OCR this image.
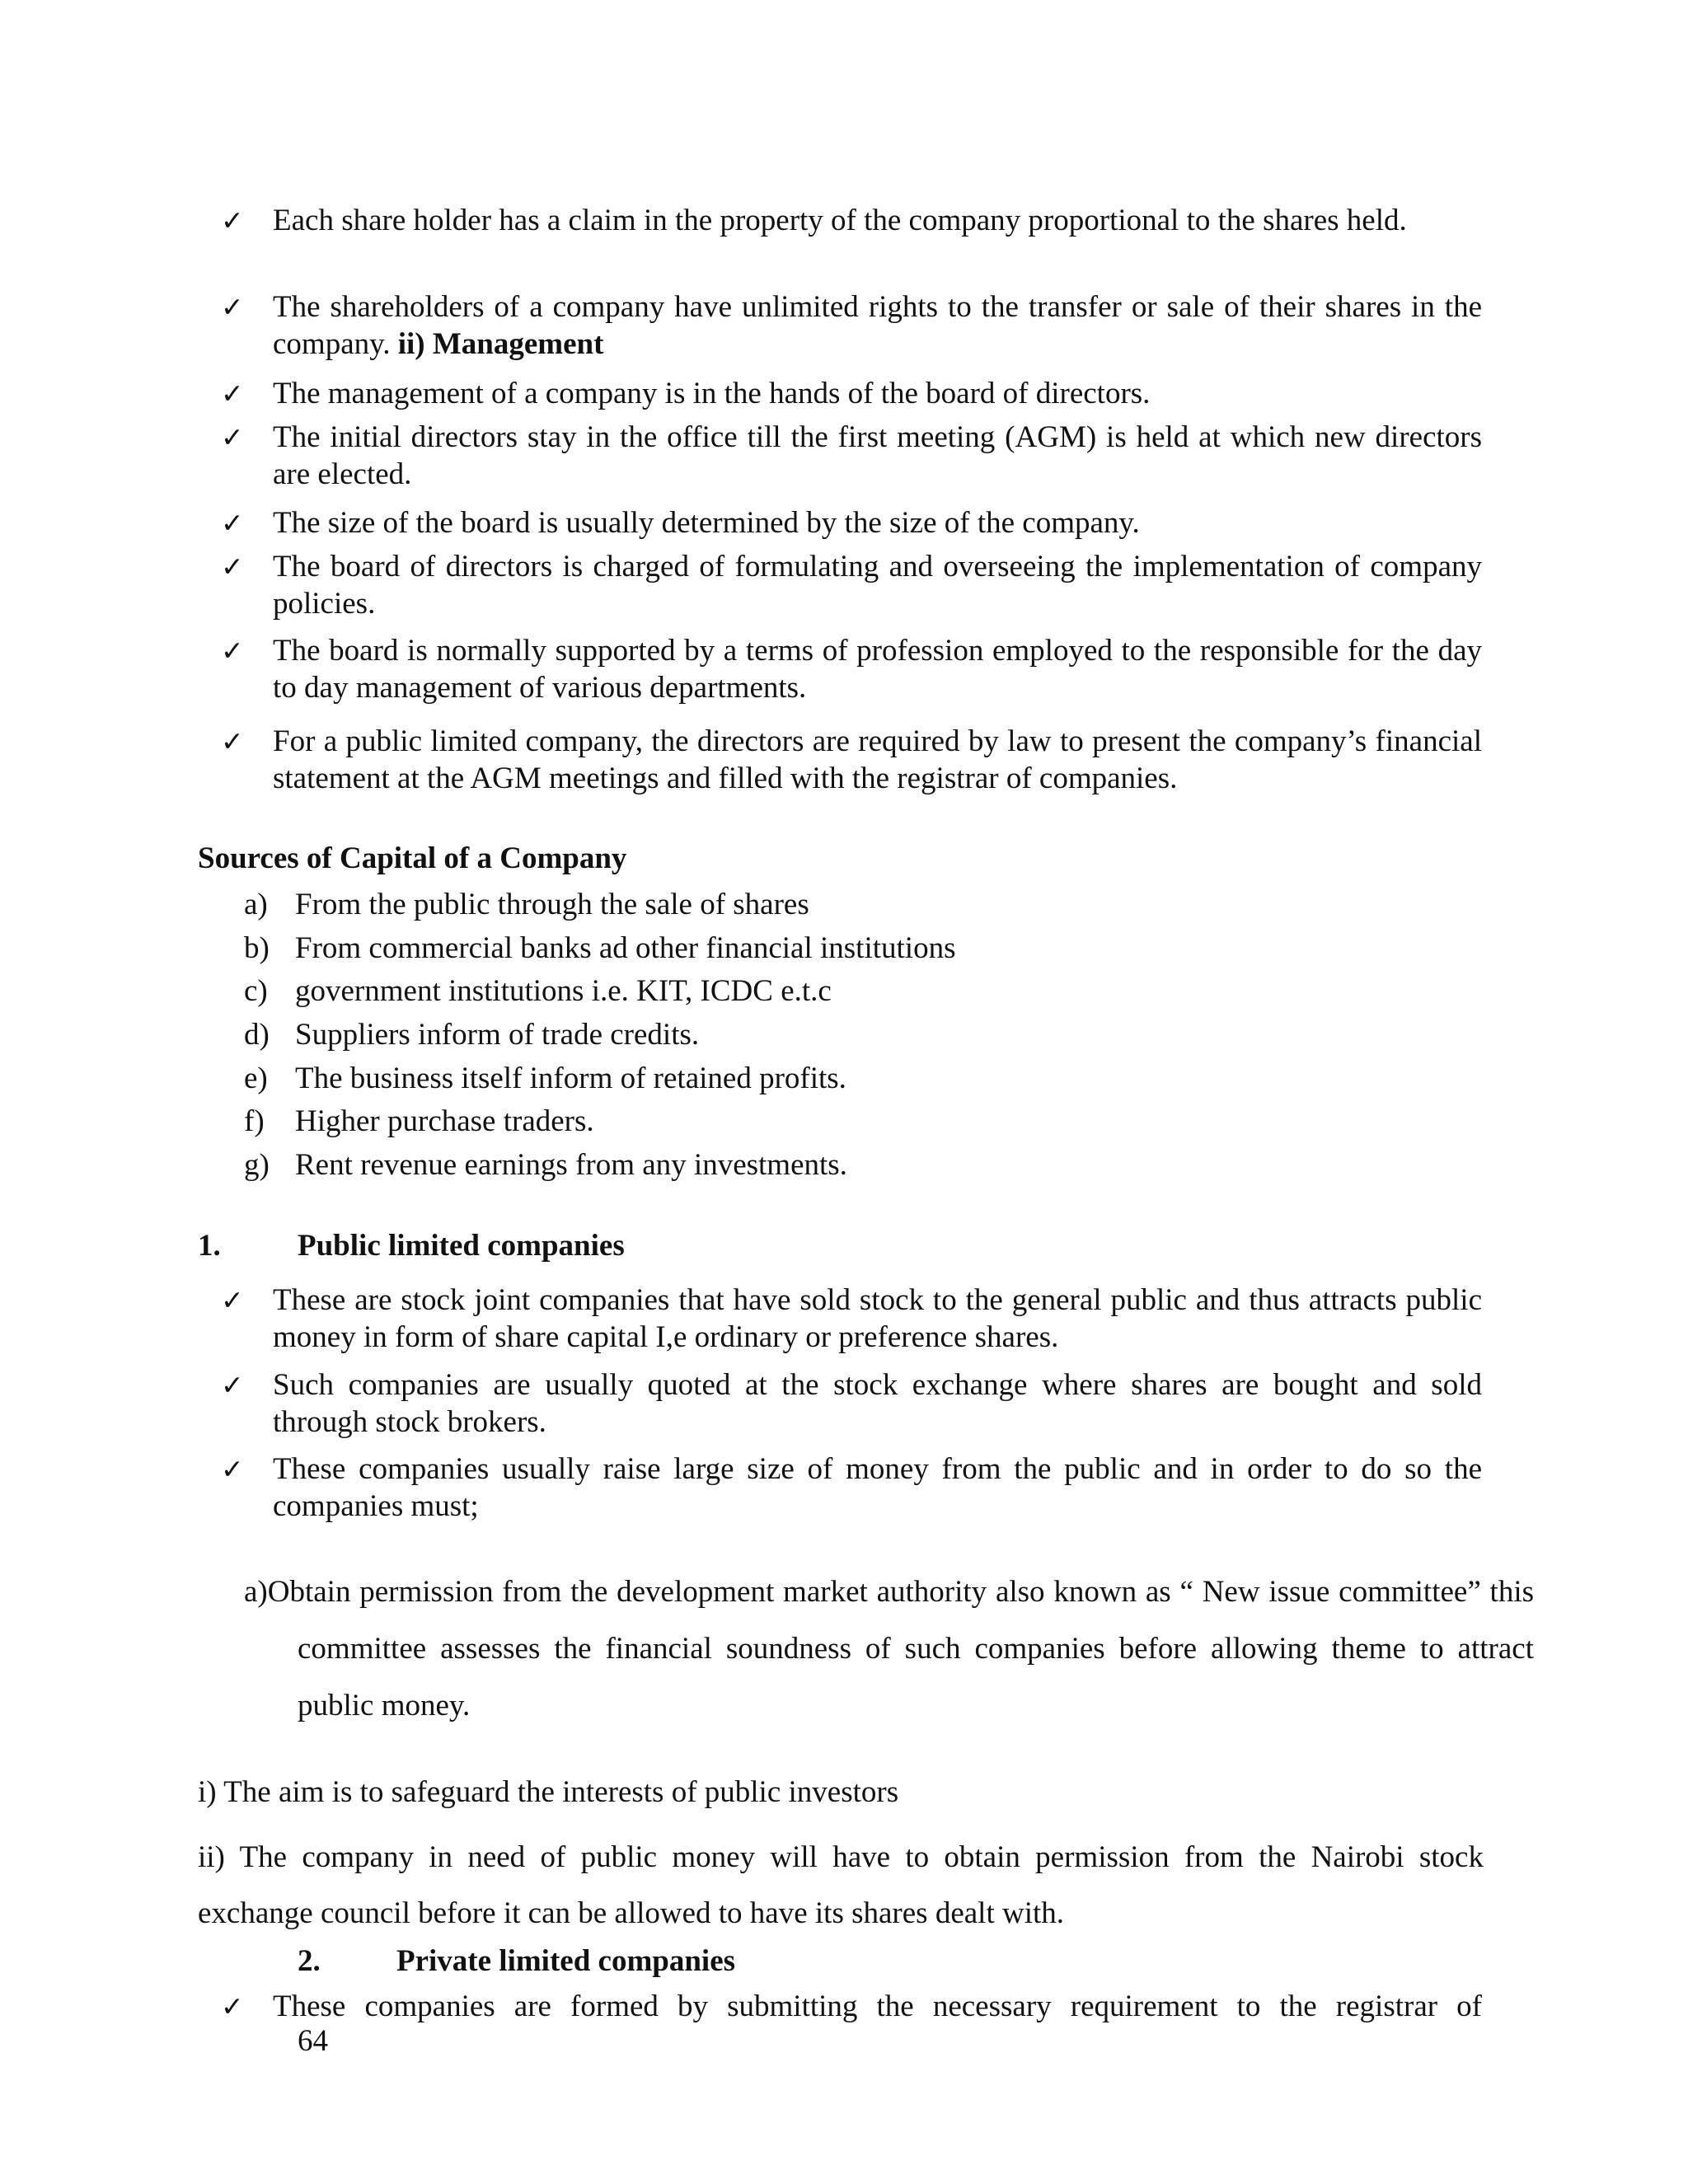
✓ Each share holder has a claim in the property of the company proportional to the shares held.
✓ The shareholders of a company have unlimited rights to the transfer or sale of their shares in the company. ii) Management
✓ The management of a company is in the hands of the board of directors.
✓ The initial directors stay in the office till the first meeting (AGM) is held at which new directors are elected.
✓ The size of the board is usually determined by the size of the company.
✓ The board of directors is charged of formulating and overseeing the implementation of company policies.
✓ The board is normally supported by a terms of profession employed to the responsible for the day to day management of various departments.
✓ For a public limited company, the directors are required by law to present the company’s financial statement at the AGM meetings and filled with the registrar of companies.
Sources of Capital of a Company
a) From the public through the sale of shares
b) From commercial banks ad other financial institutions
c) government institutions i.e. KIT, ICDC e.t.c
d) Suppliers inform of trade credits.
e) The business itself inform of retained profits.
f) Higher purchase traders.
g) Rent revenue earnings from any investments.
1.	Public limited companies
✓ These are stock joint companies that have sold stock to the general public and thus attracts public money in form of share capital I,e ordinary or preference shares.
✓ Such companies are usually quoted at the stock exchange where shares are bought and sold through stock brokers.
✓ These companies usually raise large size of money from the public and in order to do so the companies must;
a)Obtain permission from the development market authority also known as “ New issue committee” this committee assesses the financial soundness of such companies before allowing theme to attract public money.
i) The aim is to safeguard the interests of public investors
ii) The company in need of public money will have to obtain permission from the Nairobi stock exchange council before it can be allowed to have its shares dealt with.
2. Private limited companies
✓ These companies are formed by submitting the necessary requirement to the registrar of
64
